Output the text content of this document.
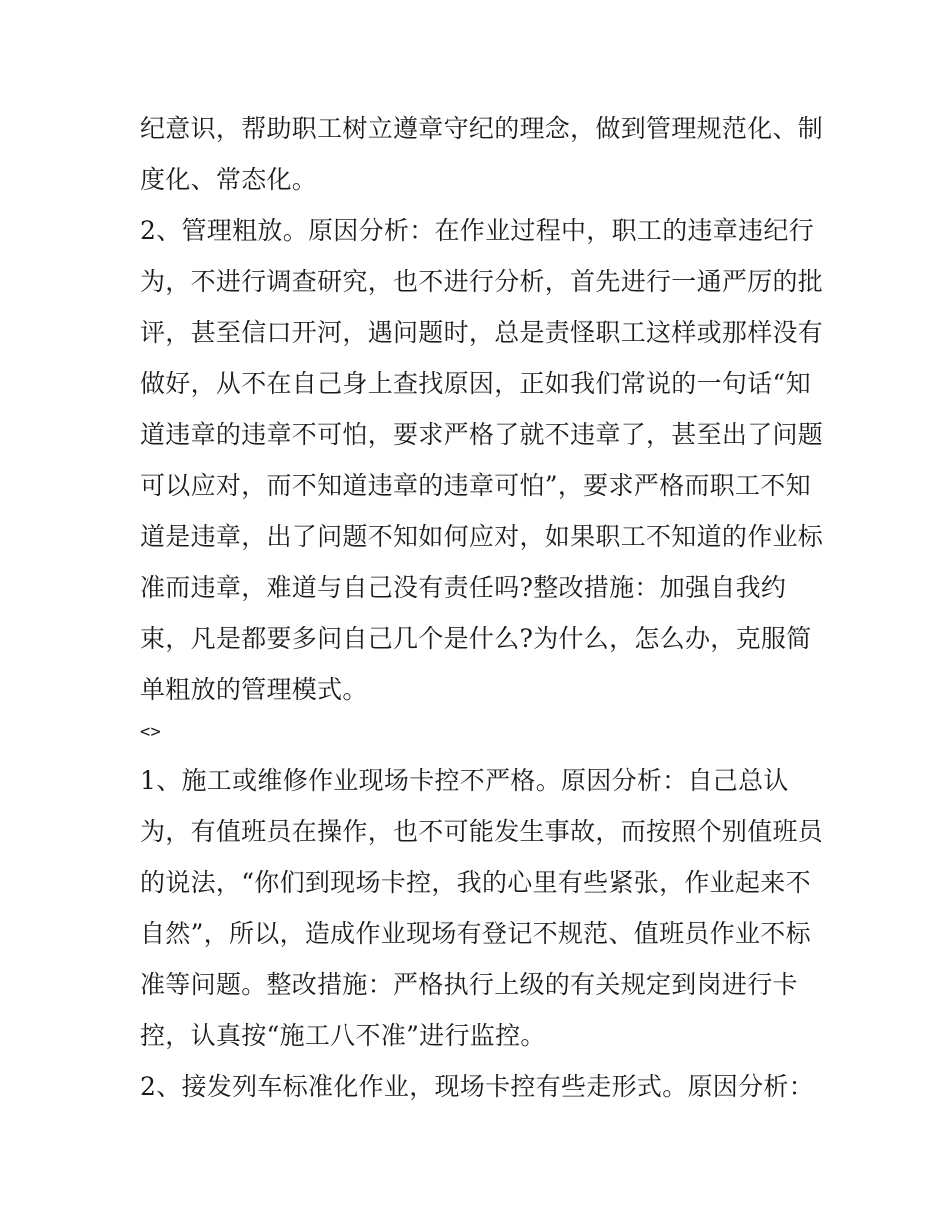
纪意识，帮助职工树立遵章守纪的理念，做到管理规范化、制
度化、常态化。
2、管理粗放。原因分析：在作业过程中，职工的违章违纪行
为，不进行调查研究，也不进行分析，首先进行一通严厉的批
评，甚至信口开河，遇问题时，总是责怪职工这样或那样没有
做好，从不在自己身上查找原因，正如我们常说的一句话“知
道违章的违章不可怕，要求严格了就不违章了，甚至出了问题
可以应对，而不知道违章的违章可怕”，要求严格而职工不知
道是违章，出了问题不知如何应对，如果职工不知道的作业标
准而违章，难道与自己没有责任吗?整改措施：加强自我约
束，凡是都要多问自己几个是什么?为什么，怎么办，克服简
单粗放的管理模式。
<>
1、施工或维修作业现场卡控不严格。原因分析：自己总认
为，有值班员在操作，也不可能发生事故，而按照个别值班员
的说法，“你们到现场卡控，我的心里有些紧张，作业起来不
自然”，所以，造成作业现场有登记不规范、值班员作业不标
准等问题。整改措施：严格执行上级的有关规定到岗进行卡
控，认真按“施工八不准”进行监控。
2、接发列车标准化作业，现场卡控有些走形式。原因分析：
